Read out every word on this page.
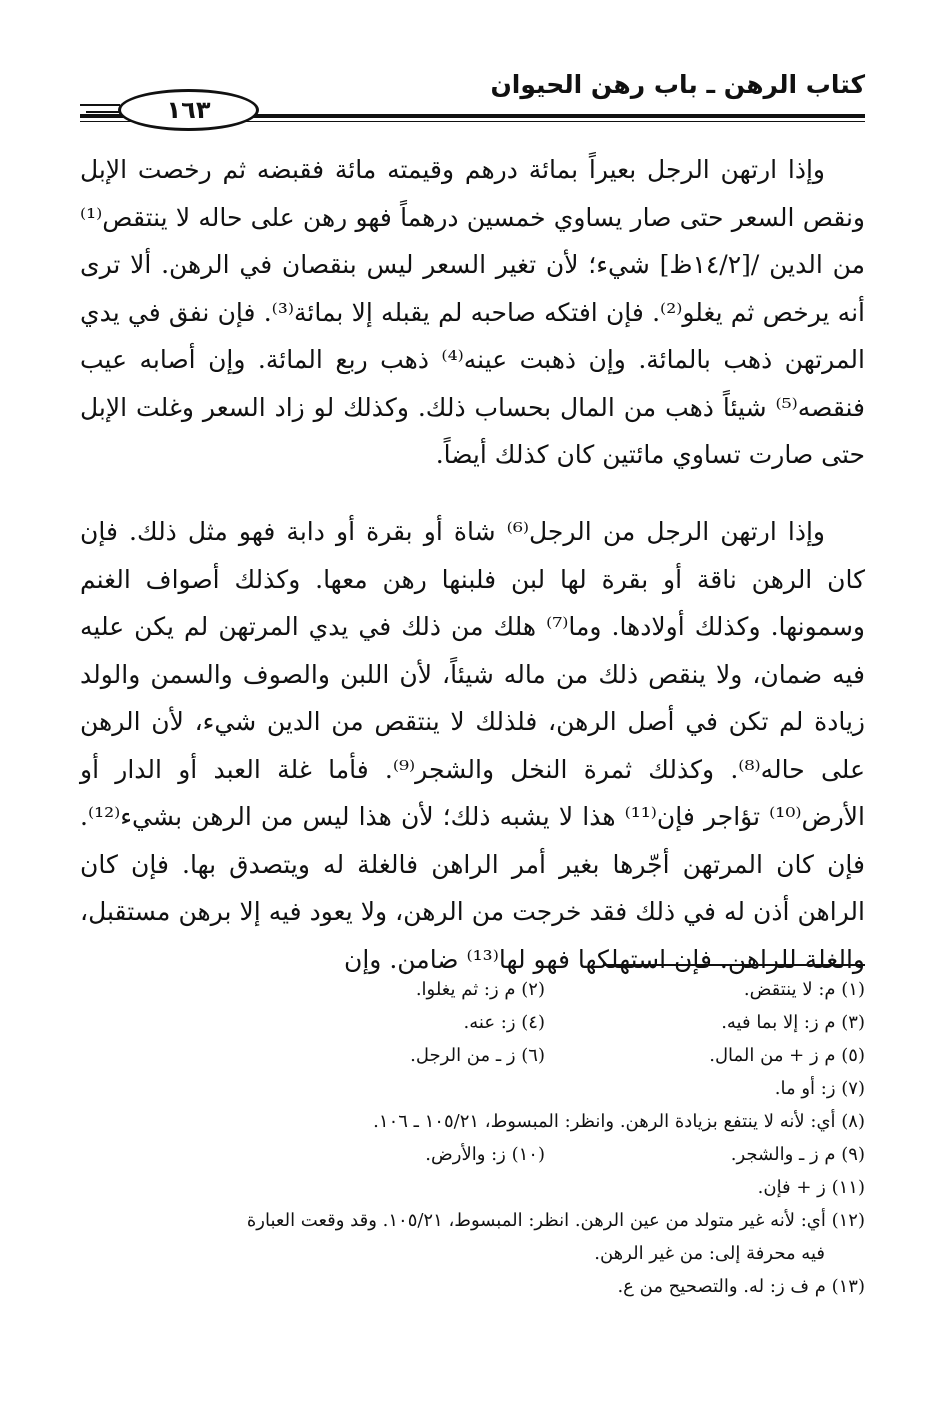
كتاب الرهن ـ باب رهن الحيوان
١٦٣

وإذا ارتهن الرجل بعيراً بمائة درهم وقيمته مائة فقبضه ثم رخصت الإبل ونقص السعر حتى صار يساوي خمسين درهماً فهو رهن على حاله لا ينتقص⁽¹⁾ من الدين /[١٤/٢ظ] شيء؛ لأن تغير السعر ليس بنقصان في الرهن. ألا ترى أنه يرخص ثم يغلو⁽²⁾. فإن افتكه صاحبه لم يقبله إلا بمائة⁽³⁾. فإن نفق في يدي المرتهن ذهب بالمائة. وإن ذهبت عينه⁽⁴⁾ ذهب ربع المائة. وإن أصابه عيب فنقصه⁽⁵⁾ شيئاً ذهب من المال بحساب ذلك. وكذلك لو زاد السعر وغلت الإبل حتى صارت تساوي مائتين كان كذلك أيضاً.

وإذا ارتهن الرجل من الرجل⁽⁶⁾ شاة أو بقرة أو دابة فهو مثل ذلك. فإن كان الرهن ناقة أو بقرة لها لبن فلبنها رهن معها. وكذلك أصواف الغنم وسمونها. وكذلك أولادها. وما⁽⁷⁾ هلك من ذلك في يدي المرتهن لم يكن عليه فيه ضمان، ولا ينقص ذلك من ماله شيئاً، لأن اللبن والصوف والسمن والولد زيادة لم تكن في أصل الرهن، فلذلك لا ينتقص من الدين شيء، لأن الرهن على حاله⁽⁸⁾. وكذلك ثمرة النخل والشجر⁽⁹⁾. فأما غلة العبد أو الدار أو الأرض⁽¹⁰⁾ تؤاجر فإن⁽¹¹⁾ هذا لا يشبه ذلك؛ لأن هذا ليس من الرهن بشيء⁽¹²⁾. فإن كان المرتهن أجّرها بغير أمر الراهن فالغلة له ويتصدق بها. فإن كان الراهن أذن له في ذلك فقد خرجت من الرهن، ولا يعود فيه إلا برهن مستقبل، والغلة للراهن. فإن استهلكها فهو لها⁽¹³⁾ ضامن. وإن

(١) م: لا ينتقض.
(٢) م ز: ثم يغلوا.
(٣) م ز: إلا بما فيه.
(٤) ز: عنه.
(٥) م ز + من المال.
(٦) ز ـ من الرجل.
(٧) ز: أو ما.
(٨) أي: لأنه لا ينتفع بزيادة الرهن. وانظر: المبسوط، ١٠٥/٢١ ـ ١٠٦.
(٩) م ز ـ والشجر.
(١٠) ز: والأرض.
(١١) ز + فإن.
(١٢) أي: لأنه غير متولد من عين الرهن. انظر: المبسوط، ١٠٥/٢١. وقد وقعت العبارة
فيه محرفة إلى: من غير الرهن.
(١٣) م ف ز: له. والتصحيح من ع.
